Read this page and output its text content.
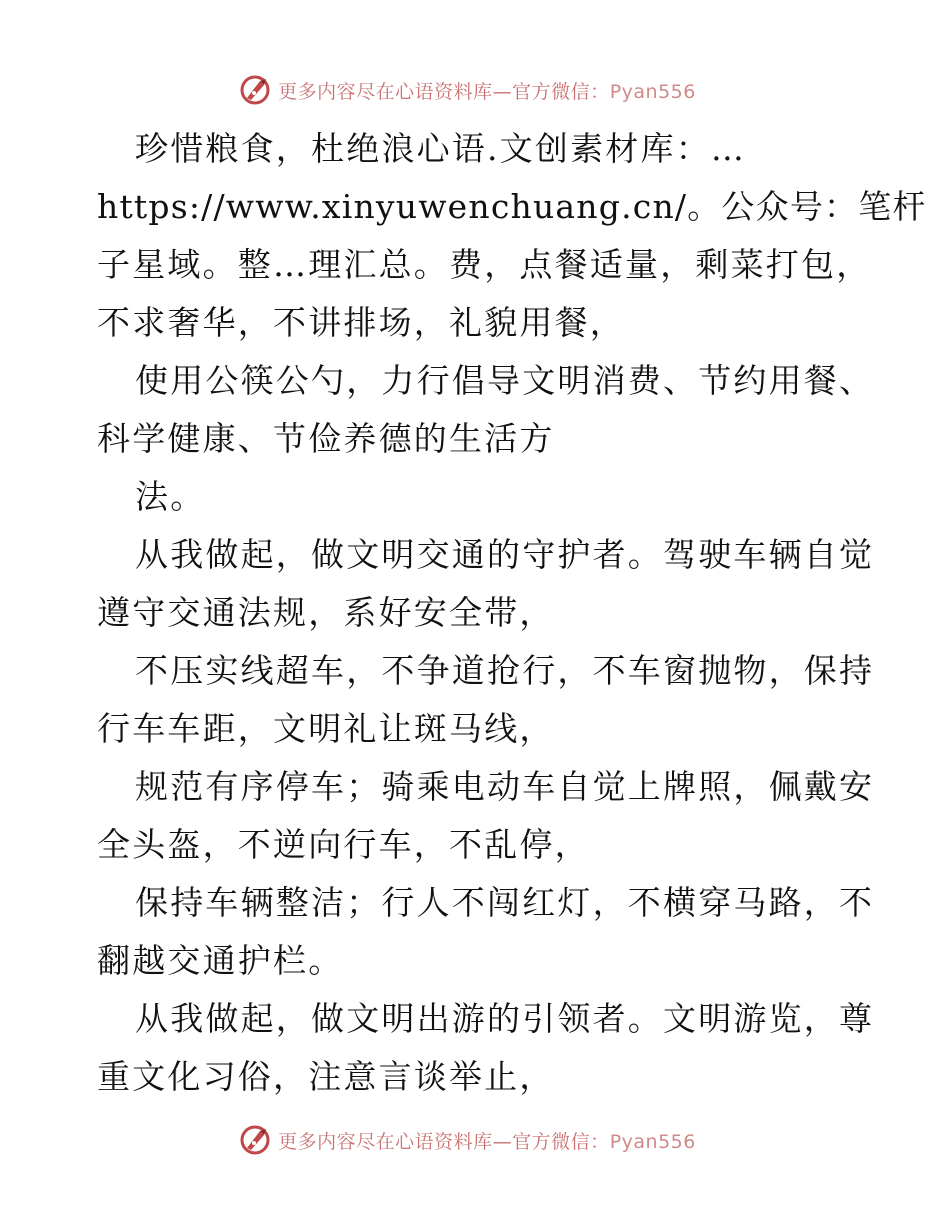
更多内容尽在心语资料库—官方微信：Pyan556

珍惜粮食，杜绝浪心语.文创素材库：…

https://www.xinyuwenchuang.cn/。公众号：笔杆

子星域。整…理汇总。费，点餐适量，剩菜打包，

不求奢华，不讲排场，礼貌用餐，

使用公筷公勺，力行倡导文明消费、节约用餐、

科学健康、节俭养德的生活方

法。

从我做起，做文明交通的守护者。驾驶车辆自觉

遵守交通法规，系好安全带，

不压实线超车，不争道抢行，不车窗抛物，保持

行车车距，文明礼让斑马线，

规范有序停车；骑乘电动车自觉上牌照，佩戴安

全头盔，不逆向行车，不乱停，

保持车辆整洁；行人不闯红灯，不横穿马路，不

翻越交通护栏。

从我做起，做文明出游的引领者。文明游览，尊

重文化习俗，注意言谈举止，

更多内容尽在心语资料库—官方微信：Pyan556
